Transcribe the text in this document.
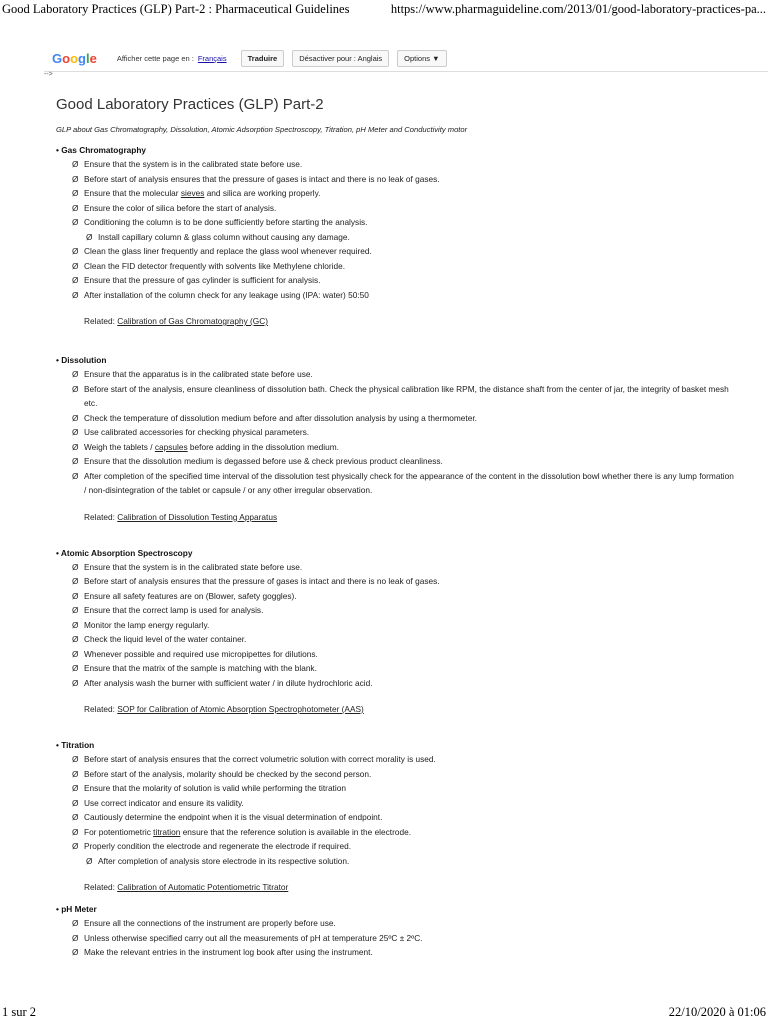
Good Laboratory Practices (GLP) Part-2 : Pharmaceutical Guidelines	https://www.pharmaguideline.com/2013/01/good-laboratory-practices-pa...
Google	Afficher cette page en : Français	Traduire	Désactiver pour : Anglais	Options ▼
-->
Good Laboratory Practices (GLP) Part-2

GLP about Gas Chromatography, Dissolution, Atomic Adsorption Spectroscopy, Titration, pH Meter and Conductivity motor

• Gas Chromatography

Ø Ensure that the system is in the calibrated state before use.
Ø Before start of analysis ensures that the pressure of gases is intact and there is no leak of gases.
Ø Ensure that the molecular sieves and silica are working properly.
Ø Ensure the color of silica before the start of analysis.
Ø Conditioning the column is to be done sufficiently before starting the analysis.
Ø Install capillary column & glass column without causing any damage.
Ø Clean the glass liner frequently and replace the glass wool whenever required.
Ø Clean the FID detector frequently with solvents like Methylene chloride.
Ø Ensure that the pressure of gas cylinder is sufficient for analysis.
Ø After installation of the column check for any leakage using (IPA: water) 50:50

Related: Calibration of Gas Chromatography (GC)

• Dissolution

Ø Ensure that the apparatus is in the calibrated state before use.
Ø Before start of the analysis, ensure cleanliness of dissolution bath. Check the physical calibration like RPM, the distance shaft from the center of jar, the integrity of basket mesh etc.
Ø Check the temperature of dissolution medium before and after dissolution analysis by using a thermometer.
Ø Use calibrated accessories for checking physical parameters.
Ø Weigh the tablets / capsules before adding in the dissolution medium.
Ø Ensure that the dissolution medium is degassed before use & check previous product cleanliness.
Ø After completion of the specified time interval of the dissolution test physically check for the appearance of the content in the dissolution bowl whether there is any lump formation / non-disintegration of the tablet or capsule / or any other irregular observation.

Related: Calibration of Dissolution Testing Apparatus

• Atomic Absorption Spectroscopy

Ø Ensure that the system is in the calibrated state before use.
Ø Before start of analysis ensures that the pressure of gases is intact and there is no leak of gases.
Ø Ensure all safety features are on (Blower, safety goggles).
Ø Ensure that the correct lamp is used for analysis.
Ø Monitor the lamp energy regularly.
Ø Check the liquid level of the water container.
Ø Whenever possible and required use micropipettes for dilutions.
Ø Ensure that the matrix of the sample is matching with the blank.
Ø After analysis wash the burner with sufficient water / in dilute hydrochloric acid.

Related: SOP for Calibration of Atomic Absorption Spectrophotometer (AAS)

• Titration

Ø Before start of analysis ensures that the correct volumetric solution with correct morality is used.
Ø Before start of the analysis, molarity should be checked by the second person.
Ø Ensure that the molarity of solution is valid while performing the titration
Ø Use correct indicator and ensure its validity.
Ø Cautiously determine the endpoint when it is the visual determination of endpoint.
Ø For potentiometric titration ensure that the reference solution is available in the electrode.
Ø Properly condition the electrode and regenerate the electrode if required.
Ø After completion of analysis store electrode in its respective solution.

Related: Calibration of Automatic Potentiometric Titrator

• pH Meter

Ø Ensure all the connections of the instrument are properly before use.
Ø Unless otherwise specified carry out all the measurements of pH at temperature 25ºC ± 2ºC.
Ø Make the relevant entries in the instrument log book after using the instrument.
1 sur 2	22/10/2020 à 01:06
